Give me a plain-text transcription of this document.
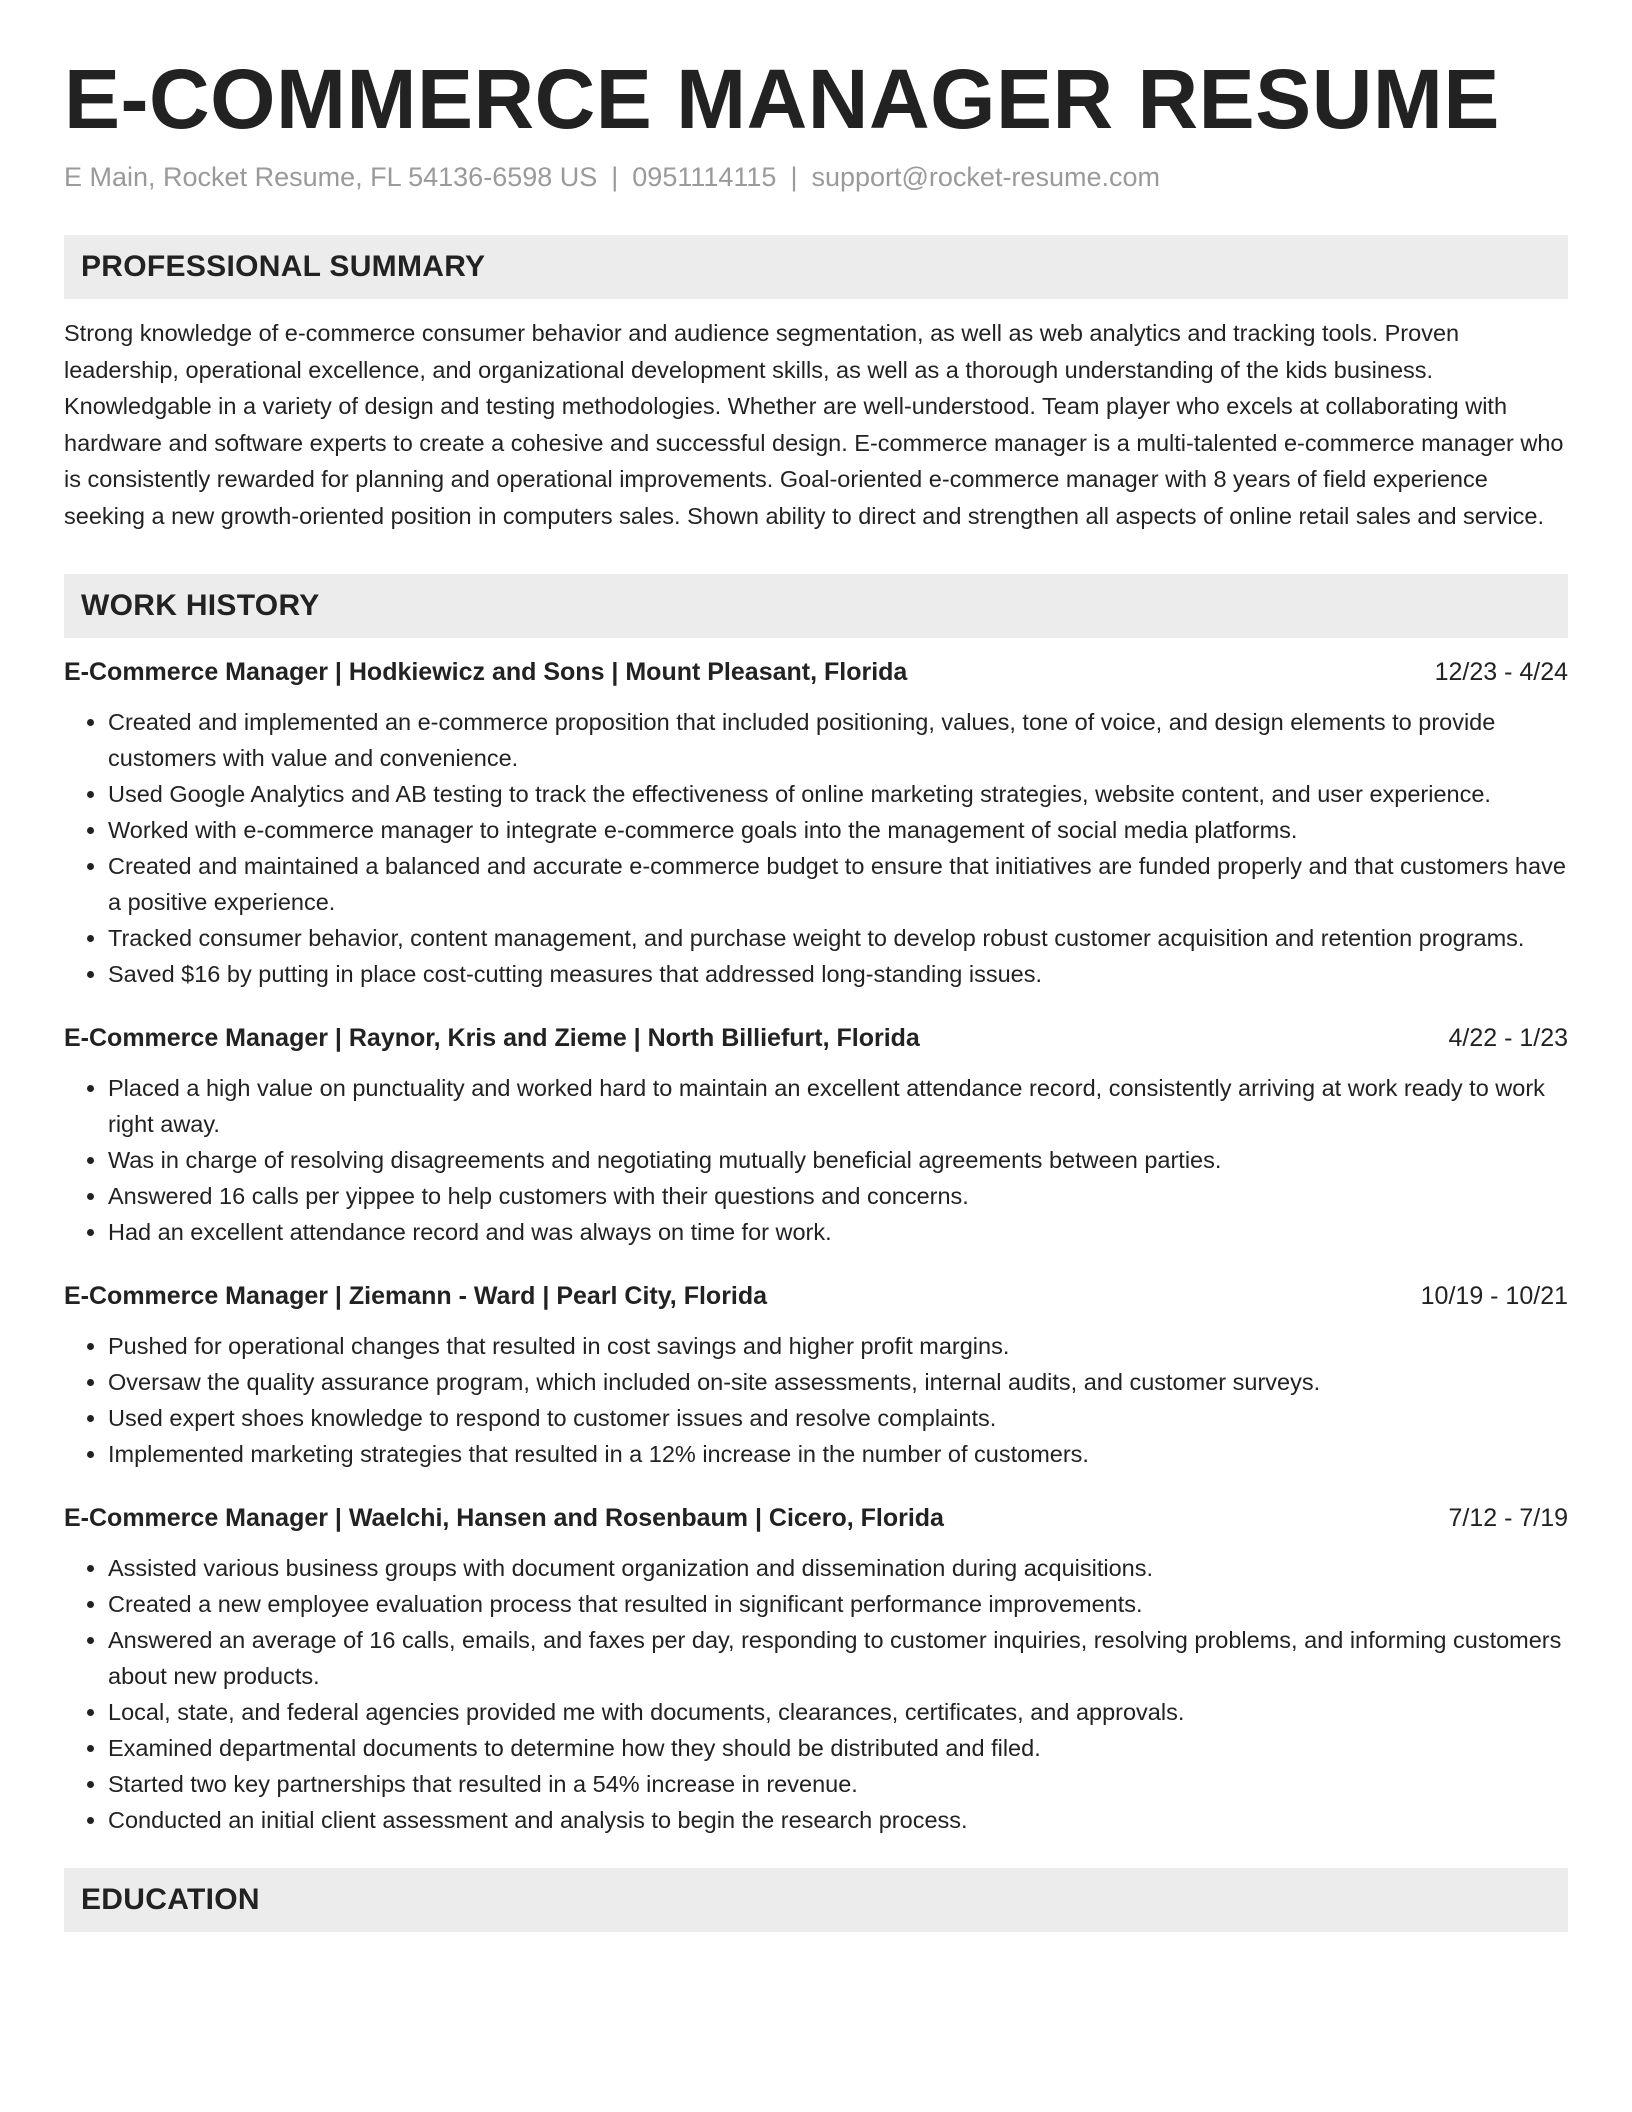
E-COMMERCE MANAGER RESUME
E Main, Rocket Resume, FL 54136-6598 US | 0951114115 | support@rocket-resume.com
PROFESSIONAL SUMMARY

Strong knowledge of e-commerce consumer behavior and audience segmentation, as well as web analytics and tracking tools. Proven leadership, operational excellence, and organizational development skills, as well as a thorough understanding of the kids business. Knowledgable in a variety of design and testing methodologies. Whether are well-understood. Team player who excels at collaborating with hardware and software experts to create a cohesive and successful design. E-commerce manager is a multi-talented e-commerce manager who is consistently rewarded for planning and operational improvements. Goal-oriented e-commerce manager with 8 years of field experience seeking a new growth-oriented position in computers sales. Shown ability to direct and strengthen all aspects of online retail sales and service.

WORK HISTORY
E-Commerce Manager | Hodkiewicz and Sons | Mount Pleasant, Florida	12/23 - 4/24
• Created and implemented an e-commerce proposition that included positioning, values, tone of voice, and design elements to provide customers with value and convenience.
• Used Google Analytics and AB testing to track the effectiveness of online marketing strategies, website content, and user experience.
• Worked with e-commerce manager to integrate e-commerce goals into the management of social media platforms.
• Created and maintained a balanced and accurate e-commerce budget to ensure that initiatives are funded properly and that customers have a positive experience.
• Tracked consumer behavior, content management, and purchase weight to develop robust customer acquisition and retention programs.
• Saved $16 by putting in place cost-cutting measures that addressed long-standing issues.
E-Commerce Manager | Raynor, Kris and Zieme | North Billiefurt, Florida	4/22 - 1/23
• Placed a high value on punctuality and worked hard to maintain an excellent attendance record, consistently arriving at work ready to work right away.
• Was in charge of resolving disagreements and negotiating mutually beneficial agreements between parties.
• Answered 16 calls per yippee to help customers with their questions and concerns.
• Had an excellent attendance record and was always on time for work.
E-Commerce Manager | Ziemann - Ward | Pearl City, Florida	10/19 - 10/21
• Pushed for operational changes that resulted in cost savings and higher profit margins.
• Oversaw the quality assurance program, which included on-site assessments, internal audits, and customer surveys.
• Used expert shoes knowledge to respond to customer issues and resolve complaints.
• Implemented marketing strategies that resulted in a 12% increase in the number of customers.
E-Commerce Manager | Waelchi, Hansen and Rosenbaum | Cicero, Florida	7/12 - 7/19
• Assisted various business groups with document organization and dissemination during acquisitions.
• Created a new employee evaluation process that resulted in significant performance improvements.
• Answered an average of 16 calls, emails, and faxes per day, responding to customer inquiries, resolving problems, and informing customers about new products.
• Local, state, and federal agencies provided me with documents, clearances, certificates, and approvals.
• Examined departmental documents to determine how they should be distributed and filed.
• Started two key partnerships that resulted in a 54% increase in revenue.
• Conducted an initial client assessment and analysis to begin the research process.
EDUCATION
